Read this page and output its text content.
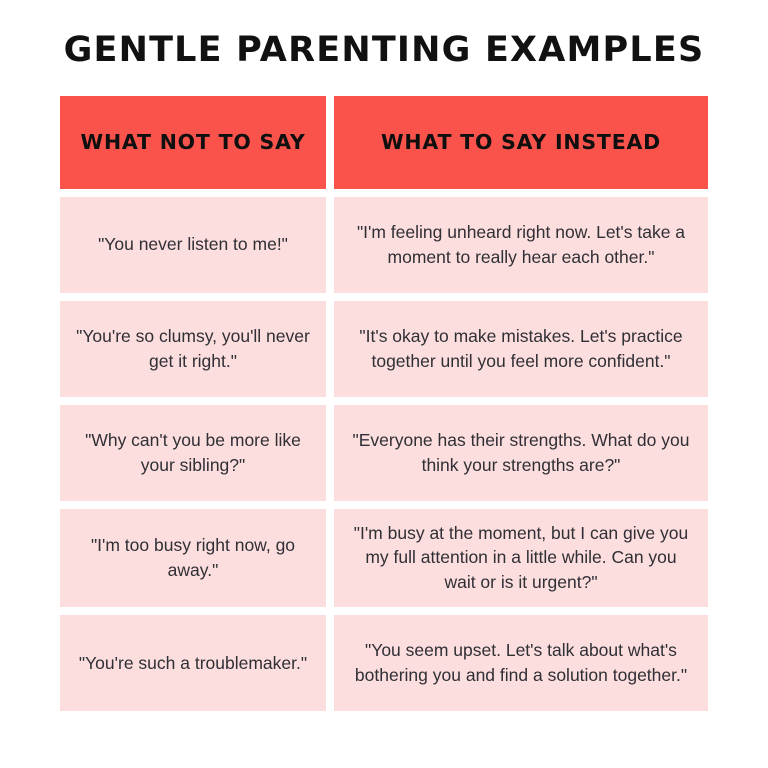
GENTLE PARENTING EXAMPLES
WHAT NOT TO SAY	WHAT TO SAY INSTEAD
"You never listen to me!"
"I'm feeling unheard right now. Let's take a moment to really hear each other."
"You're so clumsy, you'll never get it right."
"It's okay to make mistakes. Let's practice together until you feel more confident."
"Why can't you be more like your sibling?"
"Everyone has their strengths. What do you think your strengths are?"
"I'm too busy right now, go away."
"I'm busy at the moment, but I can give you my full attention in a little while. Can you wait or is it urgent?"
"You're such a troublemaker."
"You seem upset. Let's talk about what's bothering you and find a solution together."
